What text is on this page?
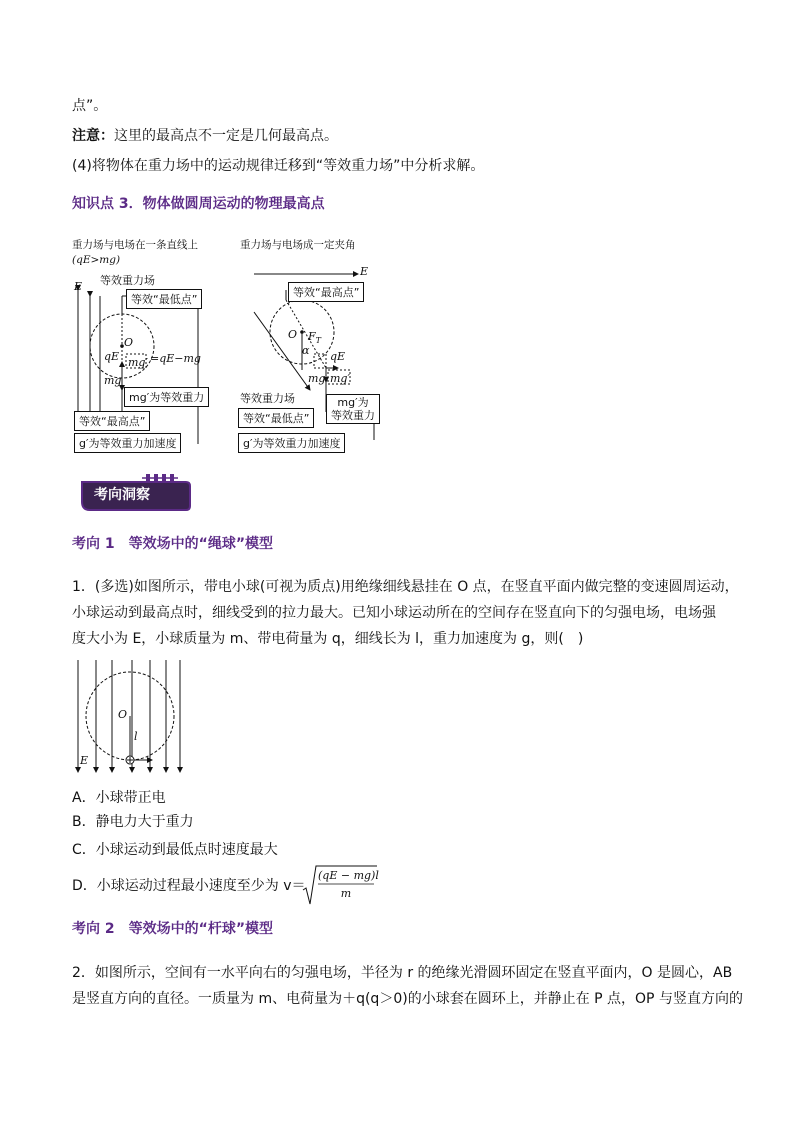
点”。
注意：这里的最高点不一定是几何最高点。
(4)将物体在重力场中的运动规律迁移到“等效重力场”中分析求解。
知识点 3．物体做圆周运动的物理最高点
重力场与电场在一条直线上
(qE>mg)
等效重力场
E
等效“最低点”
O
qE mg′ =qE−mg
mg
mg′为等效重力
等效“最高点”
g′为等效重力加速度
重力场与电场成一定夹角
E
等效“最高点”
O $F_T$
α qE
mg mg′
等效重力场
等效“最低点”
mg′为
等效重力
g′为等效重力加速度
考向洞察
考向 1　等效场中的“绳球”模型
1．(多选)如图所示，带电小球(可视为质点)用绝缘细线悬挂在 O 点，在竖直平面内做完整的变速圆周运动，
小球运动到最高点时，细线受到的拉力最大。已知小球运动所在的空间存在竖直向下的匀强电场，电场强
度大小为 E，小球质量为 m、带电荷量为 q，细线长为 l，重力加速度为 g，则(　)
O
l
E
A．小球带正电
B．静电力大于重力
C．小球运动到最低点时速度最大
D．小球运动过程最小速度至少为 v＝
(qE − mg)l
m
考向 2　等效场中的“杆球”模型
2．如图所示，空间有一水平向右的匀强电场，半径为 r 的绝缘光滑圆环固定在竖直平面内，O 是圆心，AB
是竖直方向的直径。一质量为 m、电荷量为＋q(q＞0)的小球套在圆环上，并静止在 P 点，OP 与竖直方向的
